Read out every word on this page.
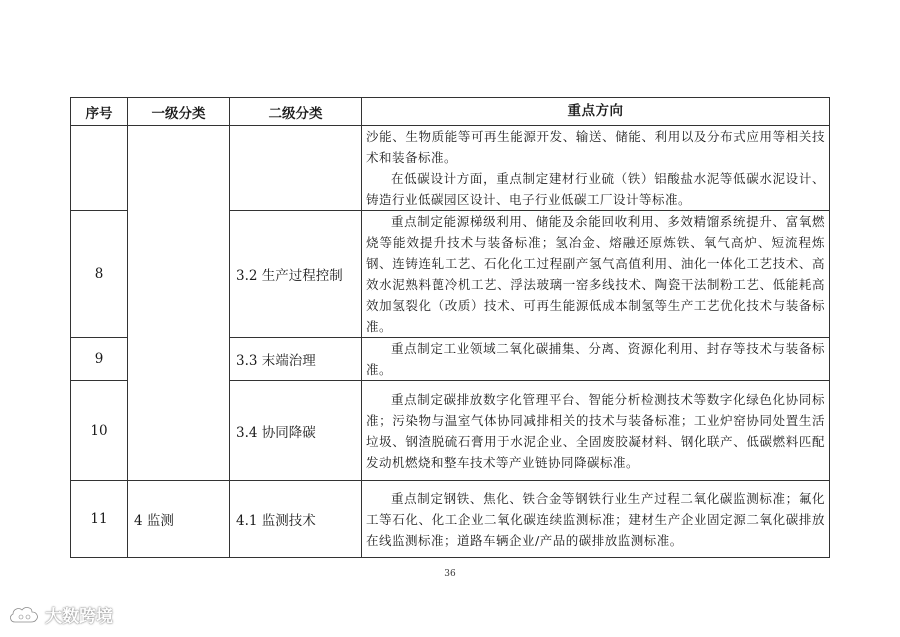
序号	一级分类	二级分类	重点方向

			沙能、生物质能等可再生能源开发、输送、储能、利用以及分布式应用等相关技术和装备标准。

在低碳设计方面，重点制定建材行业硫（铁）铝酸盐水泥等低碳水泥设计、铸造行业低碳园区设计、电子行业低碳工厂设计等标准。

8		3.2 生产过程控制	重点制定能源梯级利用、储能及余能回收利用、多效精馏系统提升、富氧燃烧等能效提升技术与装备标准；氢冶金、熔融还原炼铁、氧气高炉、短流程炼钢、连铸连轧工艺、石化化工过程副产氢气高值利用、油化一体化工艺技术、高效水泥熟料蓖冷机工艺、浮法玻璃一窑多线技术、陶瓷干法制粉工艺、低能耗高效加氢裂化（改质）技术、可再生能源低成本制氢等生产工艺优化技术与装备标准。

9		3.3 末端治理	重点制定工业领域二氧化碳捕集、分离、资源化利用、封存等技术与装备标准。

10		3.4 协同降碳	重点制定碳排放数字化管理平台、智能分析检测技术等数字化绿色化协同标准；污染物与温室气体协同减排相关的技术与装备标准；工业炉窑协同处置生活垃圾、钢渣脱硫石膏用于水泥企业、全固废胶凝材料、钢化联产、低碳燃料匹配发动机燃烧和整车技术等产业链协同降碳标准。

11	4 监测	4.1 监测技术	重点制定钢铁、焦化、铁合金等钢铁行业生产过程二氧化碳监测标准；氟化工等石化、化工企业二氧化碳连续监测标准；建材生产企业固定源二氧化碳排放在线监测标准；道路车辆企业/产品的碳排放监测标准。

36
大数跨境
